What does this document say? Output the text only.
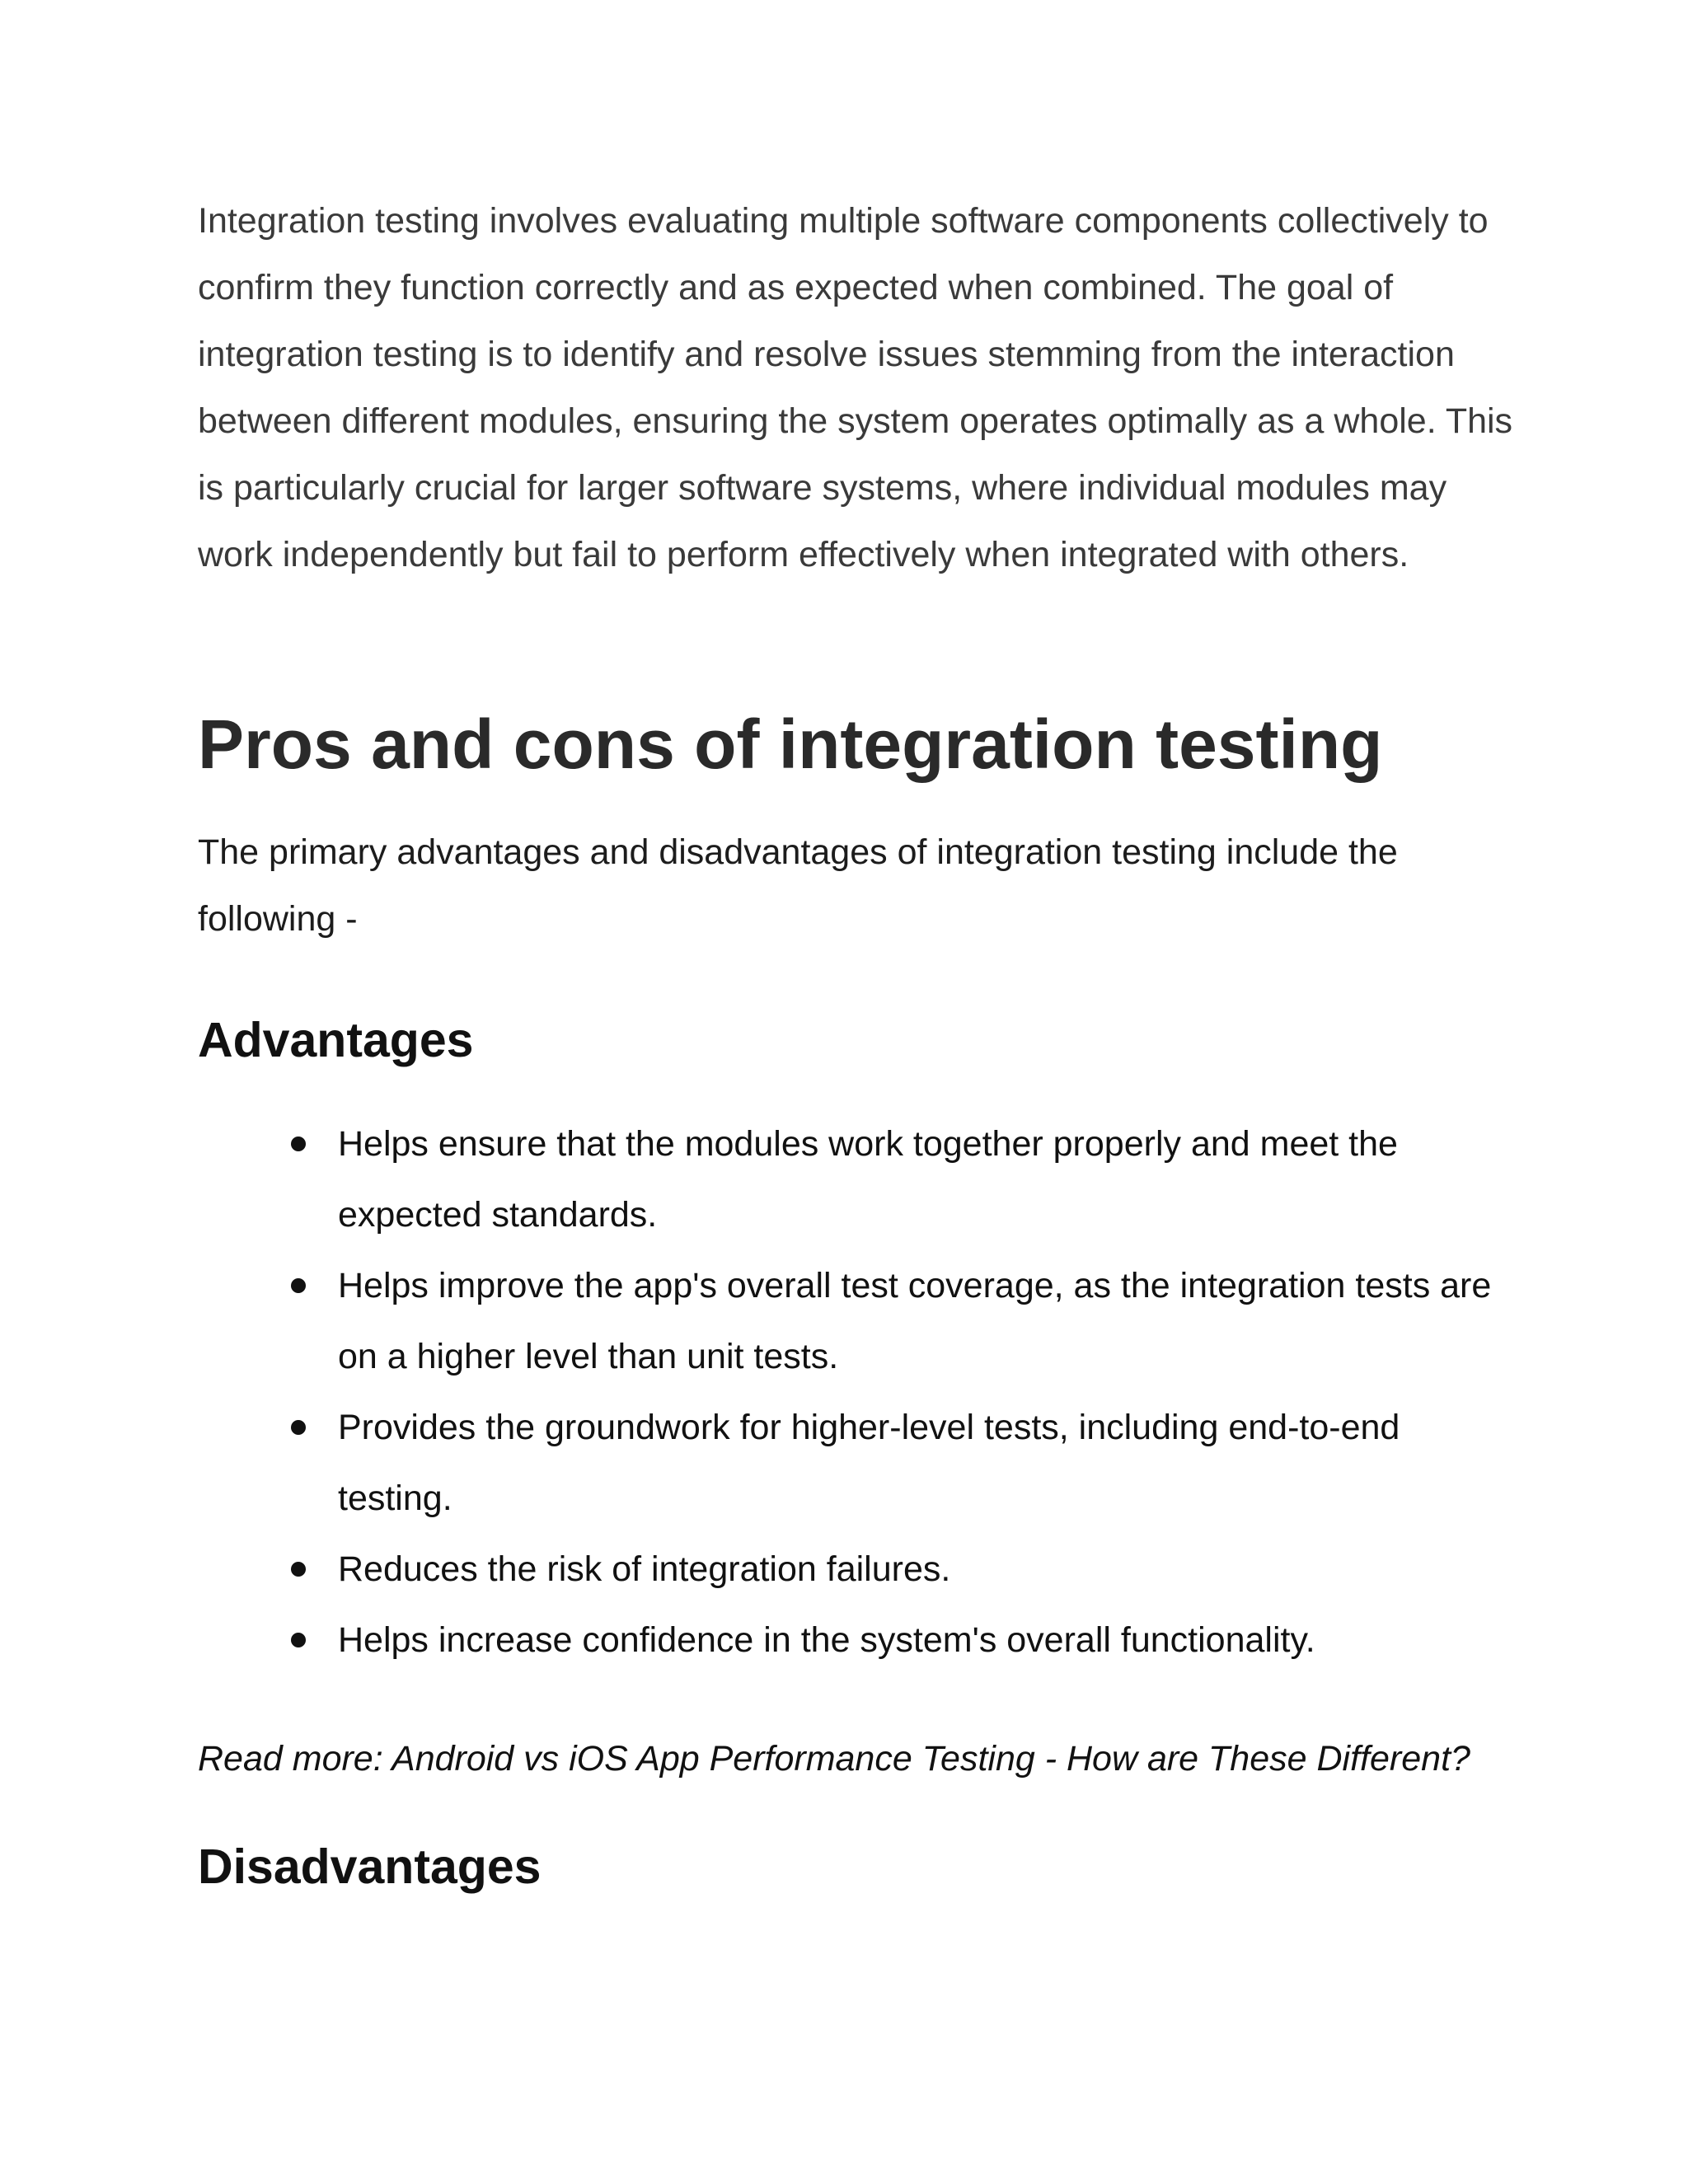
Integration testing involves evaluating multiple software components collectively to confirm they function correctly and as expected when combined. The goal of integration testing is to identify and resolve issues stemming from the interaction between different modules, ensuring the system operates optimally as a whole. This is particularly crucial for larger software systems, where individual modules may work independently but fail to perform effectively when integrated with others.

Pros and cons of integration testing

The primary advantages and disadvantages of integration testing include the following -

Advantages
Helps ensure that the modules work together properly and meet the expected standards.
Helps improve the app's overall test coverage, as the integration tests are on a higher level than unit tests.
Provides the groundwork for higher-level tests, including end-to-end testing.
Reduces the risk of integration failures.
Helps increase confidence in the system's overall functionality.

Read more: Android vs iOS App Performance Testing - How are These Different?

Disadvantages
